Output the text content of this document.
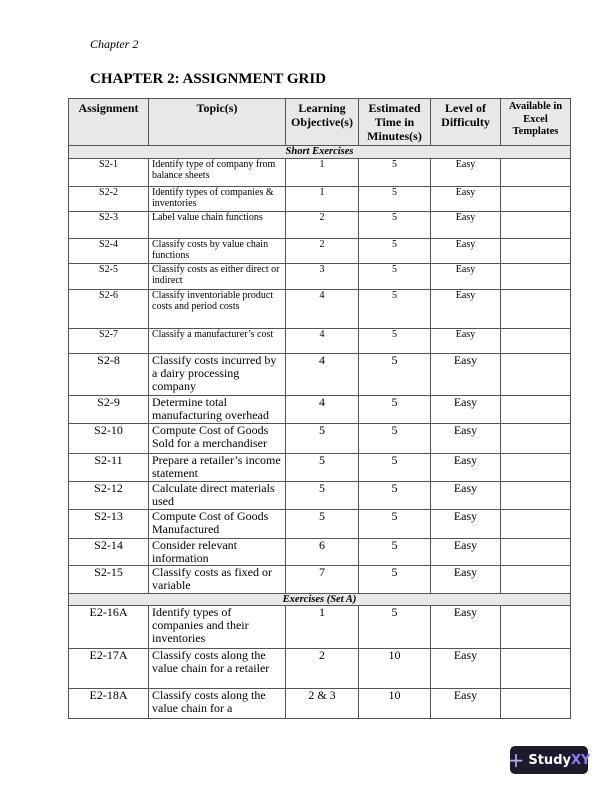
Chapter 2
CHAPTER 2: ASSIGNMENT GRID
Assignment	Topic(s)	Learning Objective(s)	Estimated Time in Minutes(s)	Level of Difficulty	Available in Excel Templates
Short Exercises					
S2-1	Identify type of company from balance sheets	1	5	Easy	
S2-2	Identify types of companies & inventories	1	5	Easy	
S2-3	Label value chain functions	2	5	Easy	
S2-4	Classify costs by value chain functions	2	5	Easy	
S2-5	Classify costs as either direct or indirect	3	5	Easy	
S2-6	Classify inventoriable product costs and period costs	4	5	Easy	
S2-7	Classify a manufacturer’s cost	4	5	Easy	
S2-8	Classify costs incurred by a dairy processing company	4	5	Easy	
S2-9	Determine total manufacturing overhead	4	5	Easy	
S2-10	Compute Cost of Goods Sold for a merchandiser	5	5	Easy	
S2-11	Prepare a retailer’s income statement	5	5	Easy	
S2-12	Calculate direct materials used	5	5	Easy	
S2-13	Compute Cost of Goods Manufactured	5	5	Easy	
S2-14	Consider relevant information	6	5	Easy	
S2-15	Classify costs as fixed or variable	7	5	Easy	
Exercises (Set A)					
E2-16A	Identify types of companies and their inventories	1	5	Easy	
E2-17A	Classify costs along the value chain for a retailer	2	10	Easy	
E2-18A	Classify costs along the value chain for a	2 & 3	10	Easy	
+ StudyXY
